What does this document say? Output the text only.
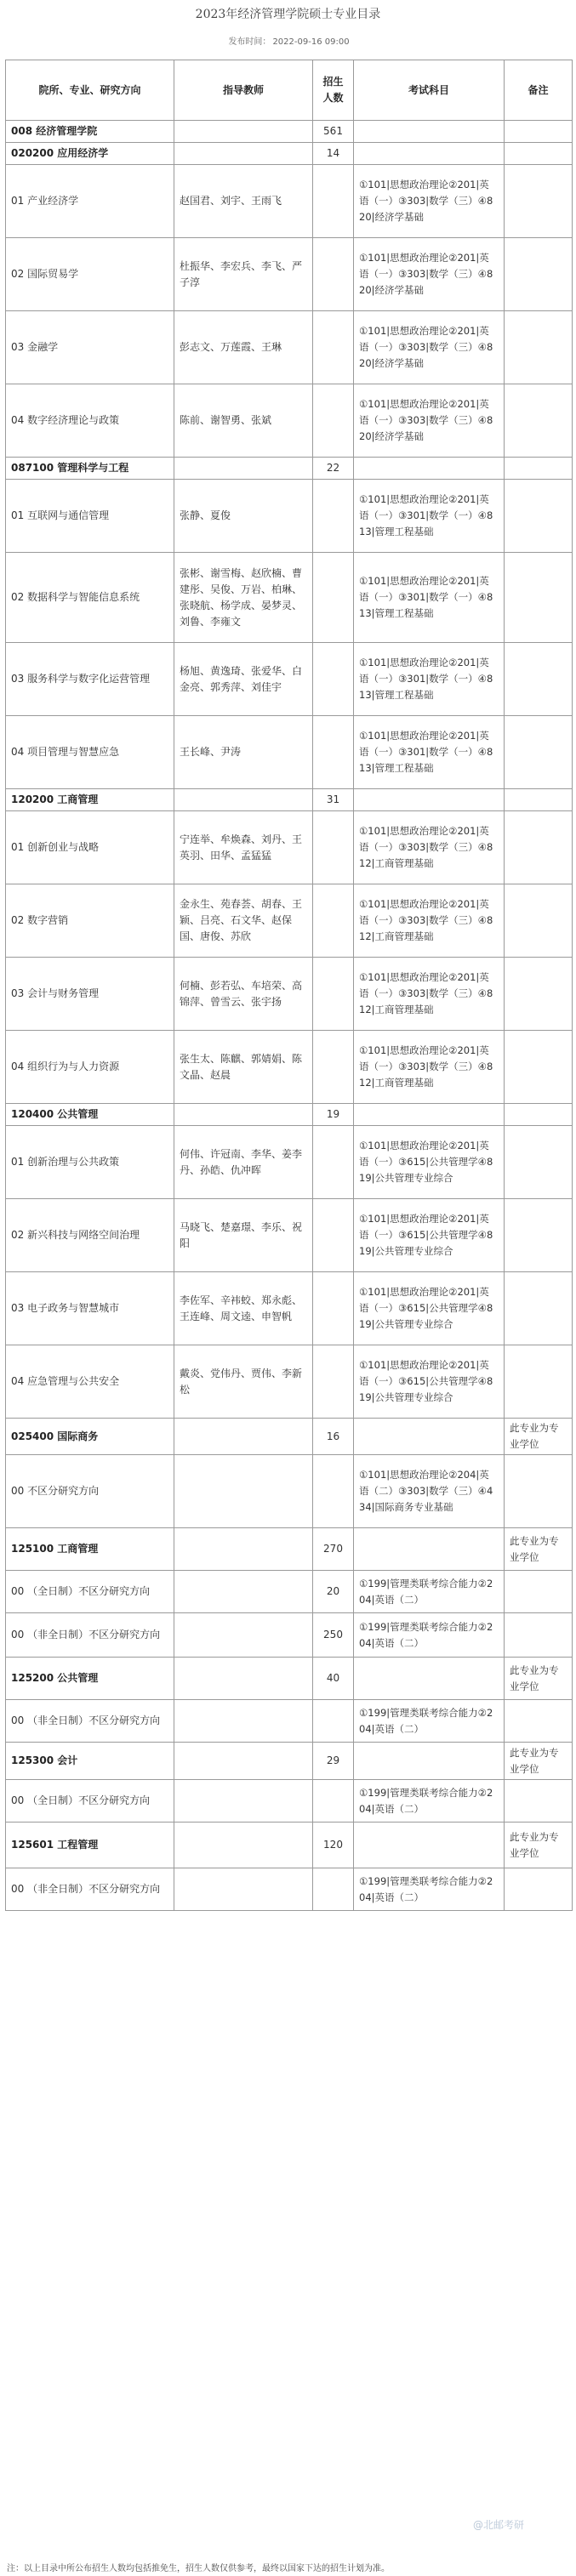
2023年经济管理学院硕士专业目录
发布时间： 2022-09-16 09:00
院所、专业、研究方向	指导教师	招生人数	考试科目	备注
008 经济管理学院		561		
020200 应用经济学		14		
01 产业经济学	赵国君、刘宇、王雨飞		①101|思想政治理论②201|英语（一）③303|数学（三）④820|经济学基础	
02 国际贸易学	杜振华、李宏兵、李飞、严子淳		①101|思想政治理论②201|英语（一）③303|数学（三）④820|经济学基础	
03 金融学	彭志文、万莲霞、王琳		①101|思想政治理论②201|英语（一）③303|数学（三）④820|经济学基础	
04 数字经济理论与政策	陈前、谢智勇、张斌		①101|思想政治理论②201|英语（一）③303|数学（三）④820|经济学基础	
087100 管理科学与工程		22		
01 互联网与通信管理	张静、夏俊		①101|思想政治理论②201|英语（一）③301|数学（一）④813|管理工程基础	
02 数据科学与智能信息系统	张彬、谢雪梅、赵欣楠、曹建彤、吴俊、万岩、柏琳、张晓航、杨学成、晏梦灵、刘鲁、李雍文		①101|思想政治理论②201|英语（一）③301|数学（一）④813|管理工程基础	
03 服务科学与数字化运营管理	杨旭、黄逸琦、张爱华、白金亮、郭秀萍、刘佳宇		①101|思想政治理论②201|英语（一）③301|数学（一）④813|管理工程基础	
04 项目管理与智慧应急	王长峰、尹涛		①101|思想政治理论②201|英语（一）③301|数学（一）④813|管理工程基础	
120200 工商管理		31		
01 创新创业与战略	宁连举、牟焕森、刘丹、王英羽、田华、孟猛猛		①101|思想政治理论②201|英语（一）③303|数学（三）④812|工商管理基础	
02 数字营销	金永生、苑春荟、胡春、王颖、吕亮、石文华、赵保国、唐俊、苏欣		①101|思想政治理论②201|英语（一）③303|数学（三）④812|工商管理基础	
03 会计与财务管理	何楠、彭若弘、车培荣、高锦萍、曾雪云、张宇扬		①101|思想政治理论②201|英语（一）③303|数学（三）④812|工商管理基础	
04 组织行为与人力资源	张生太、陈麒、郭婧娟、陈文晶、赵晨		①101|思想政治理论②201|英语（一）③303|数学（三）④812|工商管理基础	
120400 公共管理		19		
01 创新治理与公共政策	何伟、许冠南、李华、姜李丹、孙皓、仇冲晖		①101|思想政治理论②201|英语（一）③615|公共管理学④819|公共管理专业综合	
02 新兴科技与网络空间治理	马晓飞、楚嘉璟、李乐、祝阳		①101|思想政治理论②201|英语（一）③615|公共管理学④819|公共管理专业综合	
03 电子政务与智慧城市	李佐军、辛袆蛟、郑永彪、王连峰、周文逵、申智帆		①101|思想政治理论②201|英语（一）③615|公共管理学④819|公共管理专业综合	
04 应急管理与公共安全	戴炎、党伟丹、贾伟、李新松		①101|思想政治理论②201|英语（一）③615|公共管理学④819|公共管理专业综合	
025400 国际商务		16		此专业为专业学位
00 不区分研究方向			①101|思想政治理论②204|英语（二）③303|数学（三）④434|国际商务专业基础	
125100 工商管理		270		此专业为专业学位
00 （全日制）不区分研究方向		20	①199|管理类联考综合能力②204|英语（二）	
00 （非全日制）不区分研究方向		250	①199|管理类联考综合能力②204|英语（二）	
125200 公共管理		40		此专业为专业学位
00 （非全日制）不区分研究方向			①199|管理类联考综合能力②204|英语（二）	
125300 会计		29		此专业为专业学位
00 （全日制）不区分研究方向			①199|管理类联考综合能力②204|英语（二）	
125601 工程管理		120		此专业为专业学位
00 （非全日制）不区分研究方向			①199|管理类联考综合能力②204|英语（二）	
@北邮考研
注：以上目录中所公布招生人数均包括推免生，招生人数仅供参考，最终以国家下达的招生计划为准。
